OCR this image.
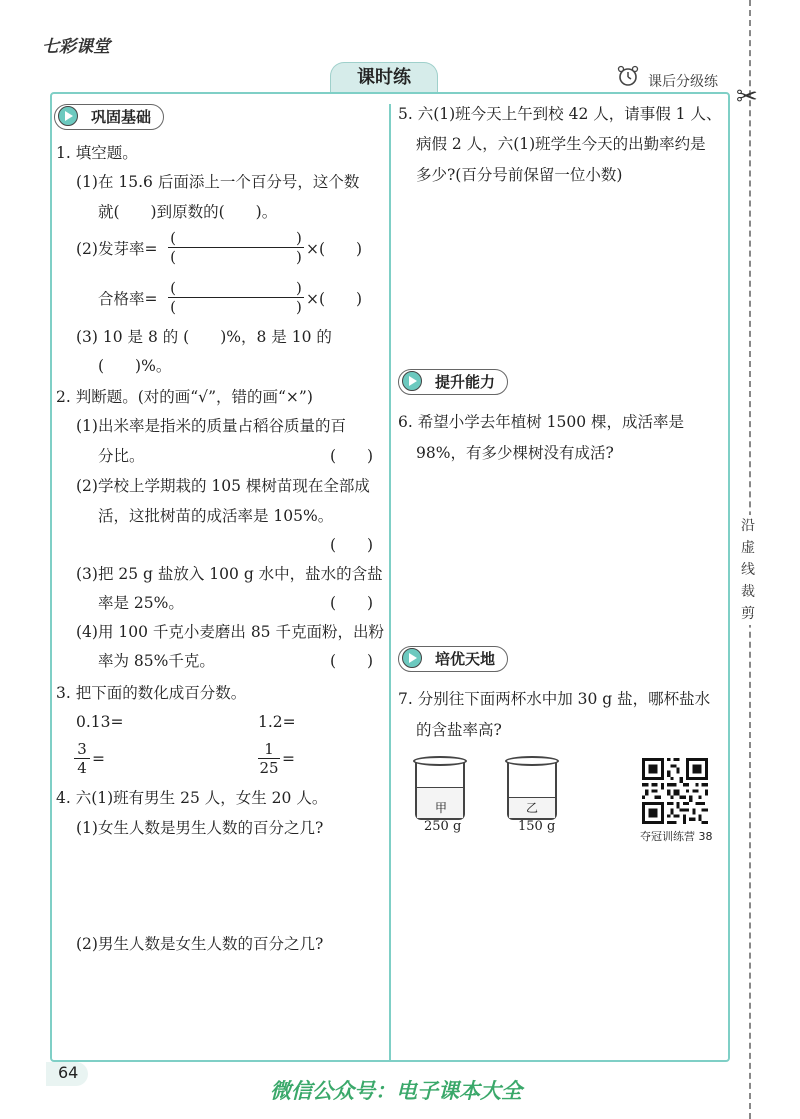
七彩课堂
课时练	课后分级练 ✂
沿虚线裁剪
巩固基础
1. 填空题。
(1)在 15.6 后面添上一个百分号，这个数
就(　　)到原数的(　　)。
(2)发芽率=
(　　　　　　　　)
(　　　　　　　　) ×(　　)
合格率=
(　　　　　　　　)
(　　　　　　　　) ×(　　)
(3) 10 是 8 的 (　　)%，8 是 10 的
(　　)%。
2. 判断题。(对的画“√”，错的画“×”)
(1)出米率是指米的质量占稻谷质量的百
分比。	(　　)
(2)学校上学期栽的 105 棵树苗现在全部成
活，这批树苗的成活率是 105%。
(　　)
(3)把 25 g 盐放入 100 g 水中，盐水的含盐
率是 25%。	(　　)
(4)用 100 千克小麦磨出 85 千克面粉，出粉
率为 85%千克。	(　　)
3. 把下面的数化成百分数。
0.13=	1.2=
$\frac{3}{4}$ =	$\frac{1}{25}$ =
4. 六(1)班有男生 25 人，女生 20 人。
(1)女生人数是男生人数的百分之几?
(2)男生人数是女生人数的百分之几?
5. 六(1)班今天上午到校 42 人，请事假 1 人、
病假 2 人，六(1)班学生今天的出勤率约是
多少?(百分号前保留一位小数)
提升能力
6. 希望小学去年植树 1500 棵，成活率是
98%，有多少棵树没有成活?
培优天地
7. 分别往下面两杯水中加 30 g 盐，哪杯盐水
的含盐率高?
甲
250 g
乙
150 g
夺冠训练营 38
64
微信公众号：电子课本大全
